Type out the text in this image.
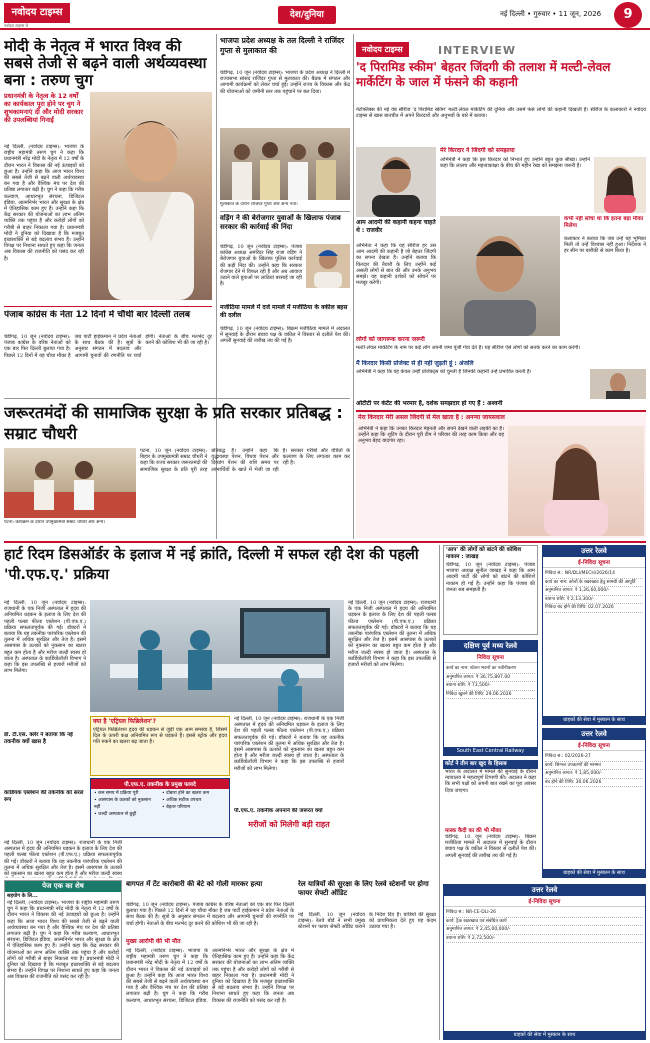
नवोदय टाइम्स
नवोदय टाइम्स 9
देश/दुनिया	नई दिल्ली • गुरुवार • 11 जून, 2026	9
मोदी के नेतृत्व में भारत विश्व की सबसे तेजी से बढ़ने वाली अर्थव्यवस्था बना : तरुण चुग
प्रधानमंत्री के नेतृत्व के 12 वर्षों का कार्यकाल पूरा होने पर चुग ने शुभकामनाएं दीं और मोदी सरकार की उपलब्धियां गिनाईं
नई दिल्ली, (नवोदय टाइम्स): भाजपा के राष्ट्रीय महामंत्री तरुण चुग ने कहा कि प्रधानमंत्री नरेंद्र मोदी के नेतृत्व में 12 वर्षों के दौरान भारत ने विकास की नई ऊंचाइयों को छुआ है। उन्होंने कहा कि आज भारत विश्व की सबसे तेजी से बढ़ने वाली अर्थव्यवस्था बन गया है और वैश्विक मंच पर देश की प्रतिष्ठा लगातार बढ़ी है। चुग ने कहा कि गरीब कल्याण, आधारभूत संरचना, डिजिटल इंडिया, आत्मनिर्भर भारत और सुरक्षा के क्षेत्र में ऐतिहासिक काम हुए हैं। उन्होंने कहा कि केंद्र सरकार की योजनाओं का लाभ अंतिम व्यक्ति तक पहुंचा है और करोड़ों लोगों को गरीबी से बाहर निकाला गया है। प्रधानमंत्री मोदी ने दुनिया को दिखाया है कि मजबूत इच्छाशक्ति से बड़े बदलाव संभव हैं। उन्होंने विपक्ष पर निशाना साधते हुए कहा कि जनता अब विकास की राजनीति को पसंद कर रही है।
पंजाब कांग्रेस के नेता 12 दिनों में चौथी बार दिल्ली तलब
चंडीगढ़, 10 जून (नवोदय टाइम्स): पंजाब कांग्रेस के वरिष्ठ नेताओं को एक बार फिर दिल्ली बुलाया गया है। पिछले 12 दिनों में यह चौथा मौका है जब पार्टी हाईकमान ने प्रदेश नेताओं के साथ बैठक की है। सूत्रों के अनुसार संगठन में बदलाव और आगामी चुनावों की रणनीति पर चर्चा होगी। नेताओं के बीच मतभेद दूर करने की कोशिश भी की जा रही है।
भाजपा प्रदेश अध्यक्ष के तल दिल्ली ने राजिंदर गुप्ता से मुलाकात की
चंडीगढ़, 10 जून (नवोदय टाइम्स): भाजपा के प्रदेश अध्यक्ष ने दिल्ली में राज्यसभा सांसद राजिंदर गुप्ता से मुलाकात की। बैठक में संगठन और आगामी कार्यक्रमों को लेकर चर्चा हुई। उन्होंने राज्य के विकास और केंद्र की योजनाओं को जमीनी स्तर तक पहुंचाने पर बल दिया।
मुलाकात के दौरान राजिंदर गुप्ता और अन्य नेता।
वड़िंग ने की बेरोजगार युवाओं के खिलाफ पंजाब सरकार की कार्रवाई की निंदा
चंडीगढ़, 10 जून (नवोदय टाइम्स): पंजाब कांग्रेस अध्यक्ष अमरिंदर सिंह राजा वड़िंग ने बेरोजगार युवाओं के खिलाफ पुलिस कार्रवाई की कड़ी निंदा की। उन्होंने कहा कि सरकार रोजगार देने में विफल रही है और अब आवाज उठाने वाले युवाओं पर लाठियां बरसाई जा रही हैं।
मजीठिया मामले में दर्ज मामले में मजीठिया के वकील बहस की दलील
चंडीगढ़, 10 जून (नवोदय टाइम्स): बिक्रम मजीठिया मामले में अदालत में सुनवाई के दौरान बचाव पक्ष के वकील ने विस्तार से दलीलें पेश कीं। अगली सुनवाई की तारीख तय की गई है।
जरूरतमंदों की सामाजिक सुरक्षा के प्रति सरकार प्रतिबद्ध : सम्राट चौधरी
पटना, 10 जून (नवोदय टाइम्स): बिहार के उपमुख्यमंत्री सम्राट चौधरी ने कहा कि राज्य सरकार जरूरतमंदों की सामाजिक सुरक्षा के प्रति पूरी तरह प्रतिबद्ध है। उन्होंने कहा कि वृद्धावस्था पेंशन, विधवा पेंशन और दिव्यांग पेंशन की राशि समय पर लाभार्थियों के खाते में भेजी जा रही है। सरकार गरीबों और वंचितों के कल्याण के लिए लगातार काम कर रही है।
पटना: कार्यक्रम के दौरान उपमुख्यमंत्री सम्राट चौधरी और अन्य।
नवोदय टाइम्स	INTERVIEW
'द पिरामिड स्कीम' बेहतर जिंदगी की तलाश में मल्टी-लेवल मार्केटिंग के जाल में फंसने की कहानी
नेटफ्लिक्स की नई वेब सीरीज 'द पिरामिड स्कीम' मल्टी-लेवल मार्केटिंग की दुनिया और उसमें फंसे लोगों की कहानी दिखाती है। सीरीज के कलाकारों ने नवोदय टाइम्स से खास बातचीत में अपने किरदारों और अनुभवों के बारे में बताया।
आम आदमी की कहानी कहना चाहते थे : राजवीर
अभिनेता ने कहा कि यह सीरीज हर उस आम आदमी की कहानी है जो बेहतर जिंदगी का सपना देखता है। उन्होंने बताया कि किरदार की तैयारी के लिए उन्होंने कई असली लोगों से बात की और उनके अनुभव समझे। यह कहानी दर्शकों को सोचने पर मजबूर करेगी।
मेरे किरदार ने जिंदगी को समझाया
अभिनेत्री ने कहा कि इस किरदार को निभाते हुए उन्होंने बहुत कुछ सीखा। उन्होंने कहा कि लालच और महत्वाकांक्षा के बीच की महीन रेखा को समझना जरूरी है।
कभी नहीं सोचा था कि इतना बड़ा मौका मिलेगा
कलाकार ने बताया कि जब उन्हें यह भूमिका मिली तो उन्हें विश्वास नहीं हुआ। निर्देशक ने हर सीन पर बारीकी से काम किया है।
लोगों को जागरूक करना जरूरी
मल्टी-लेवल मार्केटिंग के नाम पर कई लोग अपनी जमा पूंजी गंवा देते हैं। यह सीरीज ऐसे लोगों को सतर्क करने का काम करेगी।
मैं किरदार किसी प्रोजेक्ट से ही नहीं जुड़ती हूं : अंजलि
अभिनेत्री ने कहा कि वह केवल उन्हीं प्रोजेक्ट्स को चुनती हैं जिनकी कहानी उन्हें प्रभावित करती है।
ओटीटी पर कंटेंट की भरमार है, दर्शक समझदार हो गए हैं : अश्वनी
मेरा किरदार मेरी असल जिंदगी से मेल खाता है : अनन्या जायसवाल
अभिनेत्री ने कहा कि उनका किरदार मेहनती और सपने देखने वाली लड़की का है। उन्होंने कहा कि शूटिंग के दौरान पूरी टीम ने परिवार की तरह काम किया और यह अनुभव बेहद यादगार रहा।
हार्ट रिदम डिसऑर्डर के इलाज में नई क्रांति, दिल्ली में सफल रही देश की पहली 'पी.एफ.ए.' प्रक्रिया
नई दिल्ली, 10 जून (नवोदय टाइम्स): राजधानी के एक निजी अस्पताल में हृदय की अनियमित धड़कन के इलाज के लिए देश की पहली पल्स्ड फील्ड एब्लेशन (पी.एफ.ए.) प्रक्रिया सफलतापूर्वक की गई। डॉक्टरों ने बताया कि यह तकनीक पारंपरिक एब्लेशन की तुलना में अधिक सुरक्षित और तेज है। इसमें आसपास के ऊतकों को नुकसान का खतरा बहुत कम होता है और मरीज जल्दी स्वस्थ हो जाता है। अस्पताल के कार्डियोलॉजी विभाग ने कहा कि इस उपलब्धि से हजारों मरीजों को लाभ मिलेगा।
डॉ. टी.एस. क्लेर ने बताया कि नई तकनीक क्यों खास है
कार्डियक एब्लेशन की तकनीक को सरल रूप
क्या है 'एट्रियल फिब्रिलेशन'?
एट्रियल फिब्रिलेशन हृदय की धड़कन से जुड़ी एक आम समस्या है, जिसमें दिल के ऊपरी कक्ष अनियमित रूप से धड़कते हैं। इससे स्ट्रोक और हृदय गति रुकने का खतरा बढ़ जाता है।
पी.एफ.ए. तकनीक के प्रमुख फायदे
• कम समय में प्रक्रिया पूरी
• आसपास के ऊतकों को नुकसान नहीं
• जल्दी अस्पताल से छुट्टी
• दोबारा होने का खतरा कम
• अधिक सटीक उपचार
• बेहतर परिणाम
नई दिल्ली, 10 जून (नवोदय टाइम्स): राजधानी के एक निजी अस्पताल में हृदय की अनियमित धड़कन के इलाज के लिए देश की पहली पल्स्ड फील्ड एब्लेशन (पी.एफ.ए.) प्रक्रिया सफलतापूर्वक की गई। डॉक्टरों ने बताया कि यह तकनीक पारंपरिक एब्लेशन की तुलना में अधिक सुरक्षित और तेज है। इसमें आसपास के ऊतकों को नुकसान का खतरा बहुत कम होता है और मरीज जल्दी स्वस्थ हो जाता है। अस्पताल के कार्डियोलॉजी विभाग ने कहा कि इस उपलब्धि से हजारों मरीजों को लाभ मिलेगा।
पी.एफ.ए. तकनीक अपनाने की जरूरत क्यों
मरीजों को मिलेगी बड़ी राहत
नई दिल्ली, 10 जून (नवोदय टाइम्स): राजधानी के एक निजी अस्पताल में हृदय की अनियमित धड़कन के इलाज के लिए देश की पहली पल्स्ड फील्ड एब्लेशन (पी.एफ.ए.) प्रक्रिया सफलतापूर्वक की गई। डॉक्टरों ने बताया कि यह तकनीक पारंपरिक एब्लेशन की तुलना में अधिक सुरक्षित और तेज है। इसमें आसपास के ऊतकों को नुकसान का खतरा बहुत कम होता है और मरीज जल्दी स्वस्थ हो जाता है। अस्पताल के कार्डियोलॉजी विभाग ने कहा कि इस उपलब्धि से हजारों मरीजों को लाभ मिलेगा।
पेज एक का शेष
सहयोग के लि...
नई दिल्ली, (नवोदय टाइम्स): भाजपा के राष्ट्रीय महामंत्री तरुण चुग ने कहा कि प्रधानमंत्री नरेंद्र मोदी के नेतृत्व में 12 वर्षों के दौरान भारत ने विकास की नई ऊंचाइयों को छुआ है। उन्होंने कहा कि आज भारत विश्व की सबसे तेजी से बढ़ने वाली अर्थव्यवस्था बन गया है और वैश्विक मंच पर देश की प्रतिष्ठा लगातार बढ़ी है। चुग ने कहा कि गरीब कल्याण, आधारभूत संरचना, डिजिटल इंडिया, आत्मनिर्भर भारत और सुरक्षा के क्षेत्र में ऐतिहासिक काम हुए हैं। उन्होंने कहा कि केंद्र सरकार की योजनाओं का लाभ अंतिम व्यक्ति तक पहुंचा है और करोड़ों लोगों को गरीबी से बाहर निकाला गया है। प्रधानमंत्री मोदी ने दुनिया को दिखाया है कि मजबूत इच्छाशक्ति से बड़े बदलाव संभव हैं। उन्होंने विपक्ष पर निशाना साधते हुए कहा कि जनता अब विकास की राजनीति को पसंद कर रही है।
नई दिल्ली, 10 जून (नवोदय टाइम्स): राजधानी के एक निजी अस्पताल में हृदय की अनियमित धड़कन के इलाज के लिए देश की पहली पल्स्ड फील्ड एब्लेशन (पी.एफ.ए.) प्रक्रिया सफलतापूर्वक की गई। डॉक्टरों ने बताया कि यह तकनीक पारंपरिक एब्लेशन की तुलना में अधिक सुरक्षित और तेज है। इसमें आसपास के ऊतकों को नुकसान का खतरा बहुत कम होता है और मरीज जल्दी स्वस्थ
बागपत में टेंट कारोबारी की बेटे को गोली मारकर हत्या
मुख्य आरोपी की भी मौत
चंडीगढ़, 10 जून (नवोदय टाइम्स): पंजाब कांग्रेस के वरिष्ठ नेताओं को एक बार फिर दिल्ली बुलाया गया है। पिछले 12 दिनों में यह चौथा मौका है जब पार्टी हाईकमान ने प्रदेश नेताओं के साथ बैठक की है। सूत्रों के अनुसार संगठन में बदलाव और आगामी चुनावों की रणनीति पर चर्चा होगी। नेताओं के बीच मतभेद दूर करने की कोशिश भी की जा रही है।
नई दिल्ली, (नवोदय टाइम्स): भाजपा के राष्ट्रीय महामंत्री तरुण चुग ने कहा कि प्रधानमंत्री नरेंद्र मोदी के नेतृत्व में 12 वर्षों के दौरान भारत ने विकास की नई ऊंचाइयों को छुआ है। उन्होंने कहा कि आज भारत विश्व की सबसे तेजी से बढ़ने वाली अर्थव्यवस्था बन गया है और वैश्विक मंच पर देश की प्रतिष्ठा लगातार बढ़ी है। चुग ने कहा कि गरीब कल्याण, आधारभूत संरचना, डिजिटल इंडिया, आत्मनिर्भर भारत और सुरक्षा के क्षेत्र में ऐतिहासिक काम हुए हैं। उन्होंने कहा कि केंद्र सरकार की योजनाओं का लाभ अंतिम व्यक्ति तक पहुंचा है और करोड़ों लोगों को गरीबी से बाहर निकाला गया है। प्रधानमंत्री मोदी ने दुनिया को दिखाया है कि मजबूत इच्छाशक्ति से बड़े बदलाव संभव हैं। उन्होंने विपक्ष पर निशाना साधते हुए कहा कि जनता अब विकास की राजनीति को पसंद कर रही है।
रेल यात्रियों की सुरक्षा के लिए रेलवे स्टेशनों पर होगा फायर सेफ्टी ऑडिट
नई दिल्ली, 10 जून (नवोदय टाइम्स): रेलवे बोर्ड ने सभी प्रमुख स्टेशनों पर फायर सेफ्टी ऑडिट कराने के निर्देश दिए हैं। यात्रियों की सुरक्षा को प्राथमिकता देते हुए यह कदम उठाया गया है।
'आप' की लोगों को बांटने की कोशिश नाकाम : जाखड़
चंडीगढ़, 10 जून (नवोदय टाइम्स): पंजाब भाजपा अध्यक्ष सुनील जाखड़ ने कहा कि आम आदमी पार्टी की लोगों को बांटने की कोशिशें नाकाम हो गई हैं। उन्होंने कहा कि पंजाब की जनता सब समझती है।
कोर्ट ने तीन बार खुद के हिसाब
भारत के अदालत में मामले की सुनवाई के दौरान न्यायालय ने महत्वपूर्ण टिप्पणी की। अदालत ने कहा कि सभी पक्षों को अपनी बात रखने का पूरा अवसर दिया जाएगा।
मास्क कैदी का की भी मौका
चंडीगढ़, 10 जून (नवोदय टाइम्स): बिक्रम मजीठिया मामले में अदालत में सुनवाई के दौरान बचाव पक्ष के वकील ने विस्तार से दलीलें पेश कीं। अगली सुनवाई की तारीख तय की गई है।
उत्तर रेलवे
ई-निविदा सूचना
निविदा सं.: NR/DLI/MECH/2026/14
कार्य का नाम: कोचों के रखरखाव हेतु सामग्री की आपूर्ति
अनुमानित लागत: ₹ 1,26,60,000/-
बयाना राशि: ₹ 2,13,300/-
निविदा बंद होने की तिथि: 02.07.2026
ग्राहकों की सेवा में मुस्कान के साथ
दक्षिण पूर्व मध्य रेलवे
निविदा सूचना
कार्य का नाम: स्टेशन भवनों का नवीनीकरण
अनुमानित लागत: ₹ 36,75,897.00
बयाना राशि: ₹ 73,500/-
निविदा खुलने की तिथि: 29.06.2026
South East Central Railway
उत्तर रेलवे
ई-निविदा सूचना
निविदा सं.: 02/2026-27
कार्य: सिग्नल उपकरणों की मरम्मत
अनुमानित लागत: ₹ 1,85,000/-
बंद होने की तिथि: 30.06.2026
ग्राहकों की सेवा में मुस्कान के साथ
उत्तर रेलवे
ई-निविदा सूचना
निविदा सं.: NR-CE-DLI-26
कार्य: ट्रैक रखरखाव एवं संबंधित कार्य
अनुमानित लागत: ₹ 2,45,00,000/-
बयाना राशि: ₹ 2,72,500/-
ग्राहकों की सेवा में मुस्कान के साथ
